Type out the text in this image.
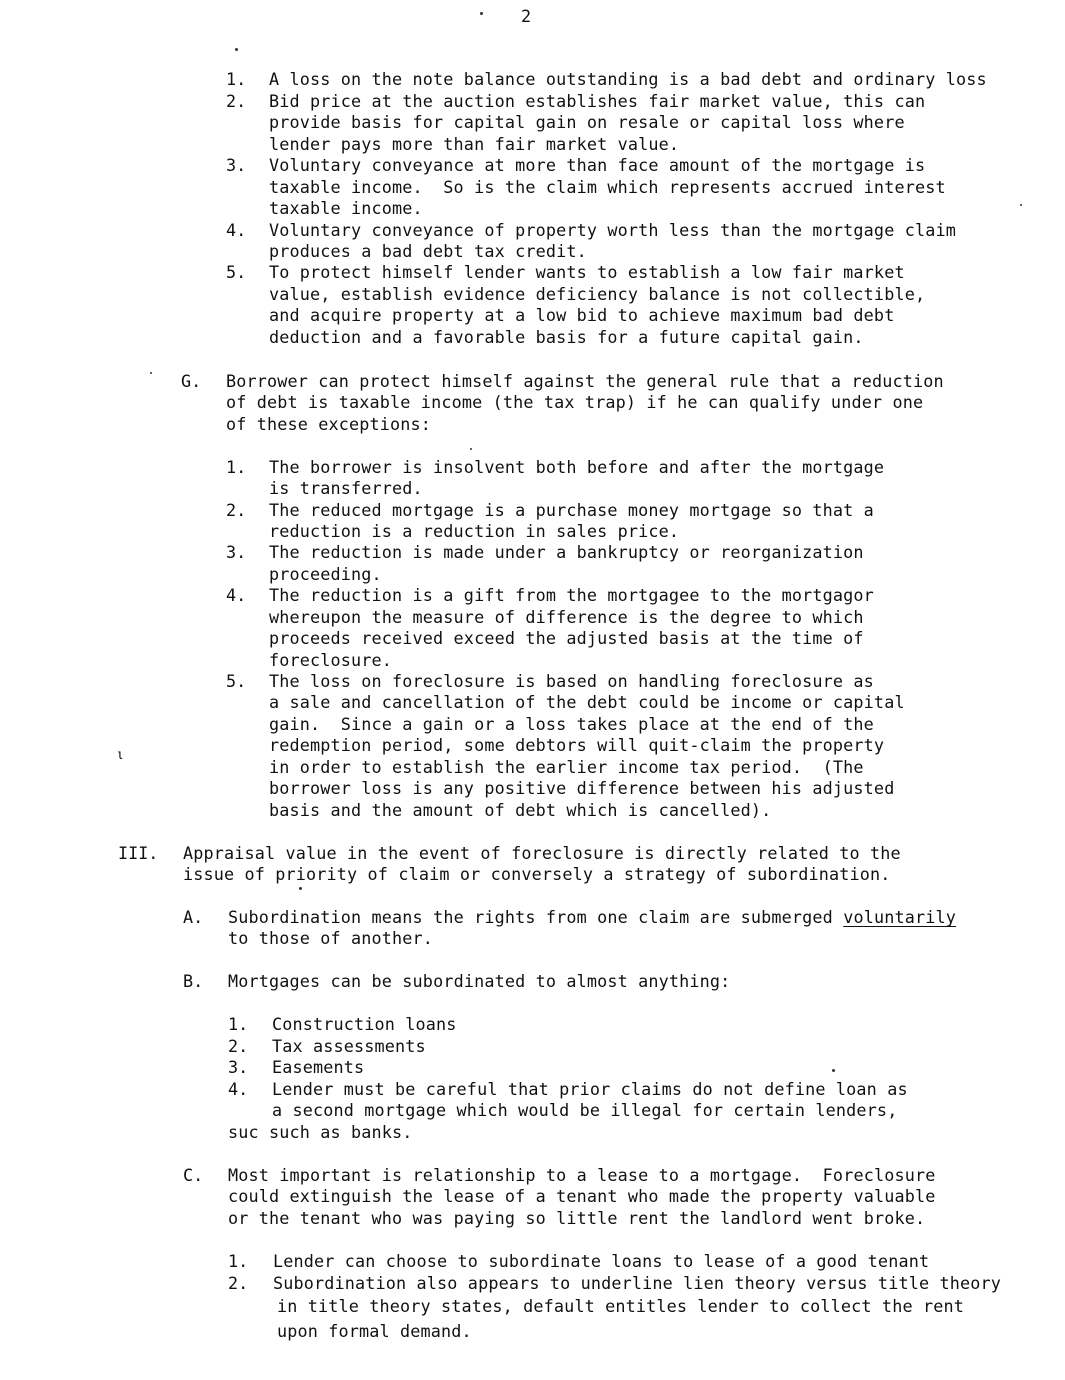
2
1. A loss on the note balance outstanding is a bad debt and ordinary loss
2. Bid price at the auction establishes fair market value, this can
provide basis for capital gain on resale or capital loss where
lender pays more than fair market value.
3. Voluntary conveyance at more than face amount of the mortgage is
taxable income.  So is the claim which represents accrued interest
taxable income.
4. Voluntary conveyance of property worth less than the mortgage claim
produces a bad debt tax credit.
5. To protect himself lender wants to establish a low fair market
value, establish evidence deficiency balance is not collectible,
and acquire property at a low bid to achieve maximum bad debt
deduction and a favorable basis for a future capital gain.
G. Borrower can protect himself against the general rule that a reduction
of debt is taxable income (the tax trap) if he can qualify under one
of these exceptions:
1. The borrower is insolvent both before and after the mortgage
is transferred.
2. The reduced mortgage is a purchase money mortgage so that a
reduction is a reduction in sales price.
3. The reduction is made under a bankruptcy or reorganization
proceeding.
4. The reduction is a gift from the mortgagee to the mortgagor
whereupon the measure of difference is the degree to which
proceeds received exceed the adjusted basis at the time of
foreclosure.
5. The loss on foreclosure is based on handling foreclosure as
a sale and cancellation of the debt could be income or capital
gain.  Since a gain or a loss takes place at the end of the
redemption period, some debtors will quit-claim the property
in order to establish the earlier income tax period.  (The
borrower loss is any positive difference between his adjusted
basis and the amount of debt which is cancelled).
ι
III. Appraisal value in the event of foreclosure is directly related to the
issue of priority of claim or conversely a strategy of subordination.
A. Subordination means the rights from one claim are submerged voluntarily
to those of another.
B. Mortgages can be subordinated to almost anything:
1. Construction loans
2. Tax assessments
3. Easements
4. Lender must be careful that prior claims do not define loan as
a second mortgage which would be illegal for certain lenders,
suc such as banks.
C. Most important is relationship to a lease to a mortgage.  Foreclosure
could extinguish the lease of a tenant who made the property valuable
or the tenant who was paying so little rent the landlord went broke.
1. Lender can choose to subordinate loans to lease of a good tenant
2. Subordination also appears to underline lien theory versus title theory
in title theory states, default entitles lender to collect the rent
upon formal demand.
